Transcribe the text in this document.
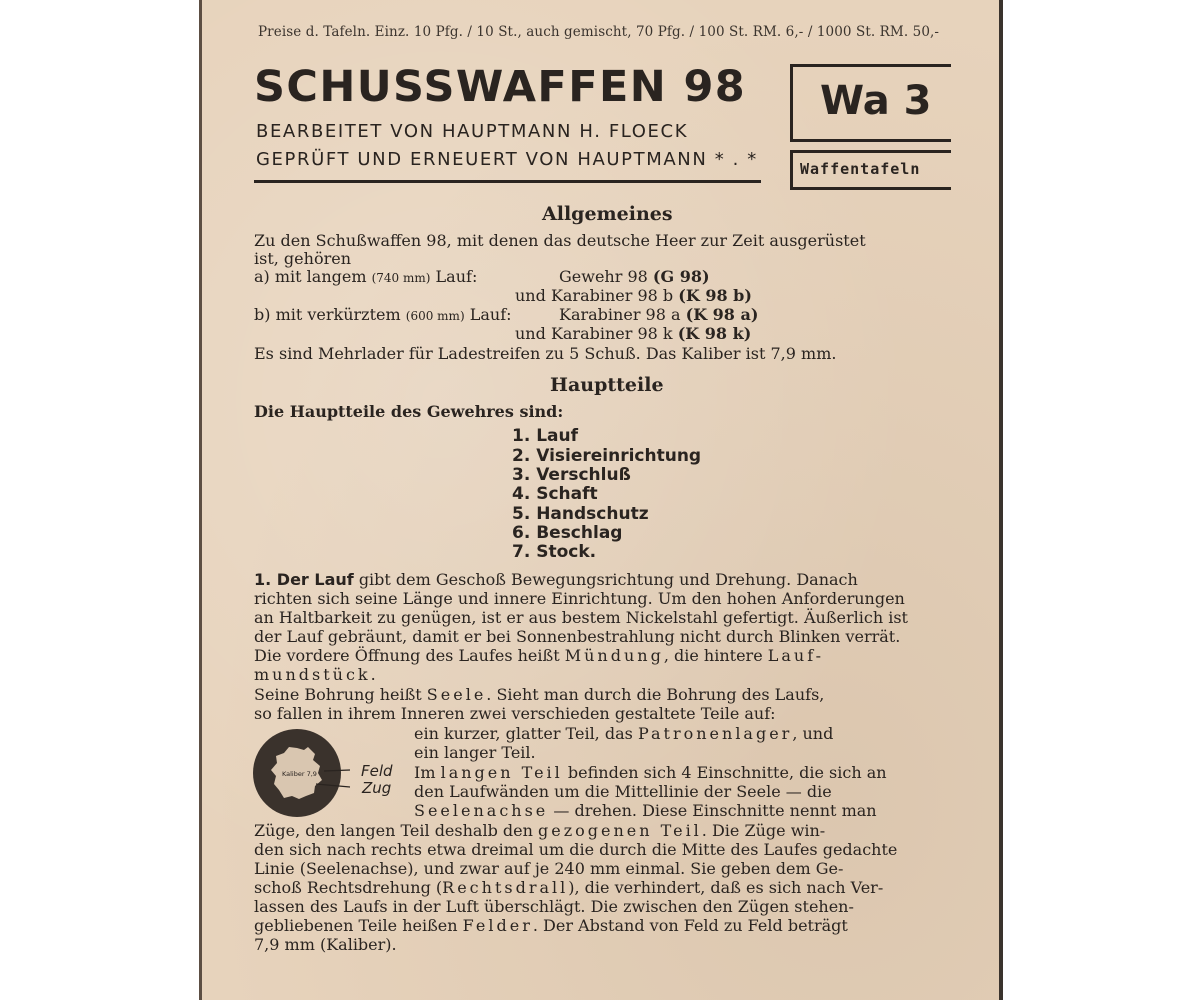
Preise d. Tafeln. Einz. 10 Pfg. / 10 St., auch gemischt, 70 Pfg. / 100 St. RM. 6,- / 1000 St. RM. 50,-
SCHUSSWAFFEN 98
BEARBEITET VON HAUPTMANN H. FLOECK
GEPRÜFT UND ERNEUERT VON HAUPTMANN * . *
Wa 3
Waffentafeln
Allgemeines
Zu den Schußwaffen 98, mit denen das deutsche Heer zur Zeit ausgerüstet
ist, gehören
a) mit langem (740 mm) Lauf:	Gewehr 98 (G 98)
und Karabiner 98 b (K 98 b)
b) mit verkürztem (600 mm) Lauf:	Karabiner 98 a (K 98 a)
und Karabiner 98 k (K 98 k)
Es sind Mehrlader für Ladestreifen zu 5 Schuß. Das Kaliber ist 7,9 mm.
Hauptteile
Die Hauptteile des Gewehres sind:
1. Lauf
2. Visiereinrichtung
3. Verschluß
4. Schaft
5. Handschutz
6. Beschlag
7. Stock.
1. Der Lauf gibt dem Geschoß Bewegungsrichtung und Drehung. Danach
richten sich seine Länge und innere Einrichtung. Um den hohen Anforderungen
an Haltbarkeit zu genügen, ist er aus bestem Nickelstahl gefertigt. Äußerlich ist
der Lauf gebräunt, damit er bei Sonnenbestrahlung nicht durch Blinken verrät.
Die vordere Öffnung des Laufes heißt Mündung, die hintere Lauf-
mundstück.
Seine Bohrung heißt Seele. Sieht man durch die Bohrung des Laufs,
so fallen in ihrem Inneren zwei verschieden gestaltete Teile auf:
Kaliber 7,9	Feld
Zug
ein kurzer, glatter Teil, das Patronenlager, und
ein langer Teil.
Im langen Teil befinden sich 4 Einschnitte, die sich an
den Laufwänden um die Mittellinie der Seele — die
Seelenachse — drehen. Diese Einschnitte nennt man
Züge, den langen Teil deshalb den gezogenen Teil. Die Züge win-
den sich nach rechts etwa dreimal um die durch die Mitte des Laufes gedachte
Linie (Seelenachse), und zwar auf je 240 mm einmal. Sie geben dem Ge-
schoß Rechtsdrehung (Rechtsdrall), die verhindert, daß es sich nach Ver-
lassen des Laufs in der Luft überschlägt. Die zwischen den Zügen stehen-
gebliebenen Teile heißen Felder. Der Abstand von Feld zu Feld beträgt
7,9 mm (Kaliber).
